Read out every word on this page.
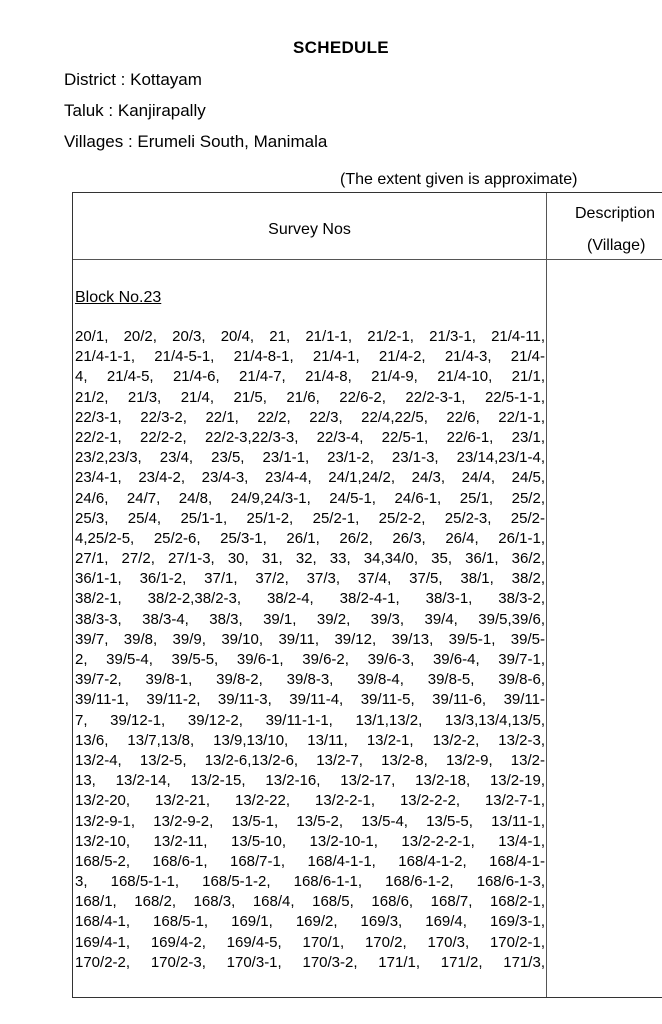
SCHEDULE
District : Kottayam
Taluk : Kanjirapally
Villages : Erumeli South, Manimala
(The extent given is approximate)
Survey Nos
Description
(Village)
Block No.23
20/1, 20/2, 20/3, 20/4, 21, 21/1-1, 21/2-1, 21/3-1, 21/4-11,
21/4-1-1, 21/4-5-1, 21/4-8-1, 21/4-1, 21/4-2, 21/4-3, 21/4-
4, 21/4-5, 21/4-6, 21/4-7, 21/4-8, 21/4-9, 21/4-10, 21/1,
21/2, 21/3, 21/4, 21/5, 21/6, 22/6-2, 22/2-3-1, 22/5-1-1,
22/3-1, 22/3-2, 22/1, 22/2, 22/3, 22/4,22/5, 22/6, 22/1-1,
22/2-1, 22/2-2, 22/2-3,22/3-3, 22/3-4, 22/5-1, 22/6-1, 23/1,
23/2,23/3, 23/4, 23/5, 23/1-1, 23/1-2, 23/1-3, 23/14,23/1-4,
23/4-1, 23/4-2, 23/4-3, 23/4-4, 24/1,24/2, 24/3, 24/4, 24/5,
24/6, 24/7, 24/8, 24/9,24/3-1, 24/5-1, 24/6-1, 25/1, 25/2,
25/3, 25/4, 25/1-1, 25/1-2, 25/2-1, 25/2-2, 25/2-3, 25/2-
4,25/2-5, 25/2-6, 25/3-1, 26/1, 26/2, 26/3, 26/4, 26/1-1,
27/1, 27/2, 27/1-3, 30, 31, 32, 33, 34,34/0, 35, 36/1, 36/2,
36/1-1, 36/1-2, 37/1, 37/2, 37/3, 37/4, 37/5, 38/1, 38/2,
38/2-1, 38/2-2,38/2-3, 38/2-4, 38/2-4-1, 38/3-1, 38/3-2,
38/3-3, 38/3-4, 38/3, 39/1, 39/2, 39/3, 39/4, 39/5,39/6,
39/7, 39/8, 39/9, 39/10, 39/11, 39/12, 39/13, 39/5-1, 39/5-
2, 39/5-4, 39/5-5, 39/6-1, 39/6-2, 39/6-3, 39/6-4, 39/7-1,
39/7-2, 39/8-1, 39/8-2, 39/8-3, 39/8-4, 39/8-5, 39/8-6,
39/11-1, 39/11-2, 39/11-3, 39/11-4, 39/11-5, 39/11-6, 39/11-
7, 39/12-1, 39/12-2, 39/11-1-1, 13/1,13/2, 13/3,13/4,13/5,
13/6, 13/7,13/8, 13/9,13/10, 13/11, 13/2-1, 13/2-2, 13/2-3,
13/2-4, 13/2-5, 13/2-6,13/2-6, 13/2-7, 13/2-8, 13/2-9, 13/2-
13, 13/2-14, 13/2-15, 13/2-16, 13/2-17, 13/2-18, 13/2-19,
13/2-20, 13/2-21, 13/2-22, 13/2-2-1, 13/2-2-2, 13/2-7-1,
13/2-9-1, 13/2-9-2, 13/5-1, 13/5-2, 13/5-4, 13/5-5, 13/11-1,
13/2-10, 13/2-11, 13/5-10, 13/2-10-1, 13/2-2-2-1, 13/4-1,
168/5-2, 168/6-1, 168/7-1, 168/4-1-1, 168/4-1-2, 168/4-1-
3, 168/5-1-1, 168/5-1-2, 168/6-1-1, 168/6-1-2, 168/6-1-3,
168/1, 168/2, 168/3, 168/4, 168/5, 168/6, 168/7, 168/2-1,
168/4-1, 168/5-1, 169/1, 169/2, 169/3, 169/4, 169/3-1,
169/4-1, 169/4-2, 169/4-5, 170/1, 170/2, 170/3, 170/2-1,
170/2-2, 170/2-3, 170/3-1, 170/3-2, 171/1, 171/2, 171/3,
